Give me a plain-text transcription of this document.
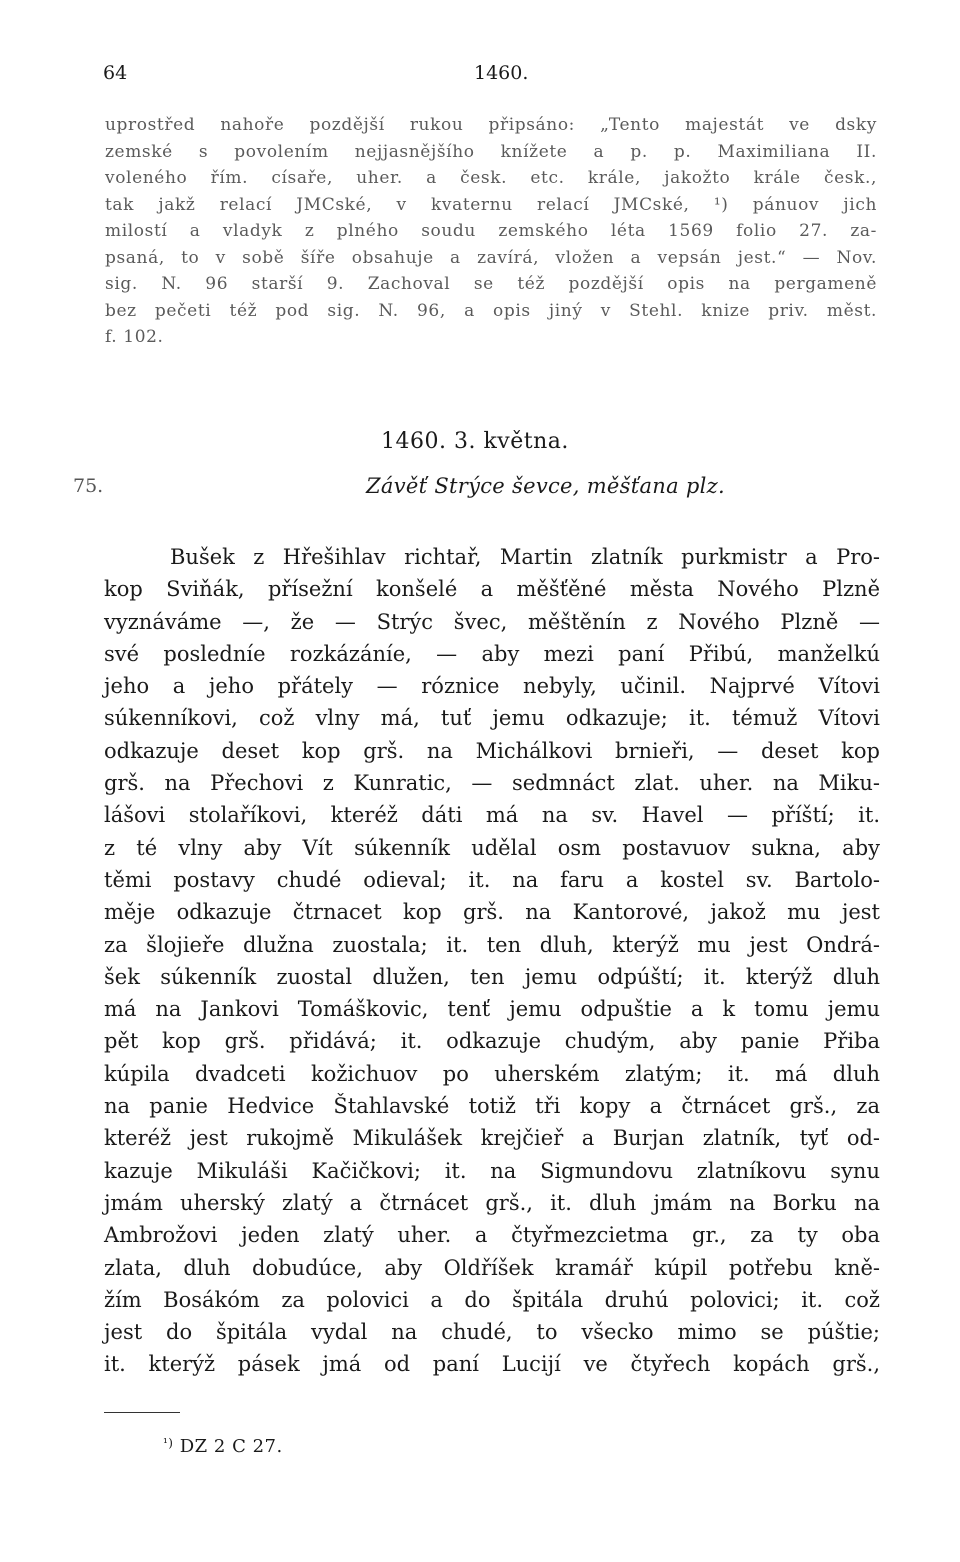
64	1460.
uprostřed nahoře pozdější rukou připsáno: „Tento majestát ve dsky
zemské s povolením nejjasnějšího knížete a p. p. Maximiliana II.
voleného řím. císaře, uher. a česk. etc. krále, jakožto krále česk.,
tak jakž relací JMCské, v kvaternu relací JMCské, ¹) pánuov jich
milostí a vladyk z plného soudu zemského léta 1569 folio 27. za-
psaná, to v sobě šíře obsahuje a zavírá, vložen a vepsán jest.“ — Nov.
sig. N. 96 starší 9. Zachoval se též pozdější opis na pergameně
bez pečeti též pod sig. N. 96, a opis jiný v Stehl. knize priv. měst.
f. 102.
1460. 3. května.
75.	Závěť Strýce ševce, měšťana plz.
Bušek z Hřešihlav richtař, Martin zlatník purkmistr a Pro-
kop Sviňák, přísežní konšelé a měšťěné města Nového Plzně
vyznáváme —, že — Strýc švec, měštěnín z Nového Plzně —
své posledníe rozkázáníe, — aby mezi paní Přibú, manželkú
jeho a jeho přátely — róznice nebyly, učinil. Najprvé Vítovi
súkenníkovi, což vlny má, tuť jemu odkazuje; it. témuž Vítovi
odkazuje deset kop grš. na Michálkovi brnieři, — deset kop
grš. na Přechovi z Kunratic, — sedmnáct zlat. uher. na Miku-
lášovi stolaříkovi, kteréž dáti má na sv. Havel — příští; it.
z té vlny aby Vít súkenník udělal osm postavuov sukna, aby
těmi postavy chudé odieval; it. na faru a kostel sv. Bartolo-
měje odkazuje čtrnacet kop grš. na Kantorové, jakož mu jest
za šlojieře dlužna zuostala; it. ten dluh, kterýž mu jest Ondrá-
šek súkenník zuostal dlužen, ten jemu odpúští; it. kterýž dluh
má na Jankovi Tomáškovic, tenť jemu odpuštie a k tomu jemu
pět kop grš. přidává; it. odkazuje chudým, aby panie Přiba
kúpila dvadceti kožichuov po uherském zlatým; it. má dluh
na panie Hedvice Štahlavské totiž tři kopy a čtrnácet grš., za
kteréž jest rukojmě Mikulášek krejčieř a Burjan zlatník, tyť od-
kazuje Mikuláši Kačičkovi; it. na Sigmundovu zlatníkovu synu
jmám uherský zlatý a čtrnácet grš., it. dluh jmám na Borku na
Ambrožovi jeden zlatý uher. a čtyřmezcietma gr., za ty oba
zlata, dluh dobudúce, aby Oldříšek kramář kúpil potřebu kně-
žím Bosákóm za polovici a do špitála druhú polovici; it. což
jest do špitála vydal na chudé, to všecko mimo se púštie;
it. kterýž pásek jmá od paní Lucijí ve čtyřech kopách grš.,
$^{^1)}$ DZ 2 C 27.
